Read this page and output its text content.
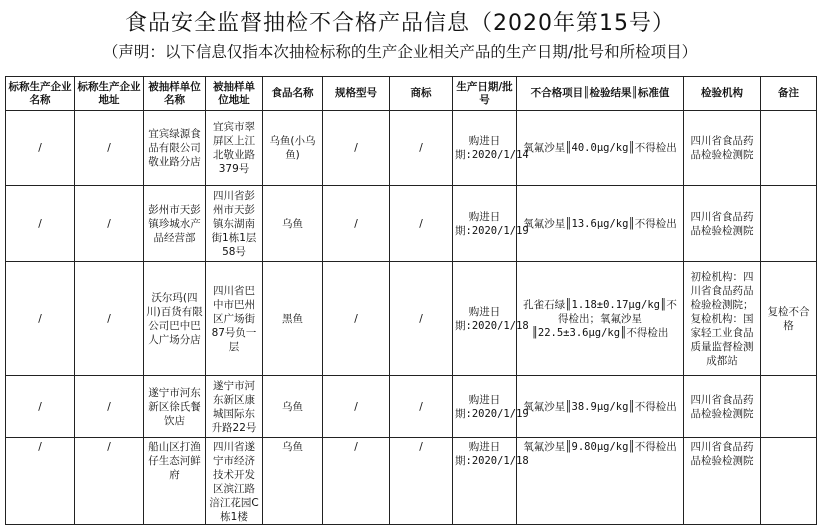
食品安全监督抽检不合格产品信息（2020年第15号）
（声明：以下信息仅指本次抽检标称的生产企业相关产品的生产日期/批号和所检项目）
标称生产企业名称	标称生产企业地址	被抽样单位名称	被抽样单位地址	食品名称	规格型号	商标	生产日期/批号	不合格项目║检验结果║标准值	检验机构	备注
/	/	宜宾绿源食品有限公司敬业路分店	宜宾市翠屏区上江北敬业路379号	乌鱼(小乌鱼)	/	/	购进日期:2020/1/14	氧氟沙星║40.0μg/kg║不得检出	四川省食品药品检验检测院	
/	/	彭州市天彭镇珍城水产品经营部	四川省彭州市天彭镇东湖南街1栋1层58号	乌鱼	/	/	购进日期:2020/1/19	氧氟沙星║13.6μg/kg║不得检出	四川省食品药品检验检测院	
/	/	沃尔玛(四川)百货有限公司巴中巴人广场分店	四川省巴中市巴州区广场街87号负一层	黑鱼	/	/	购进日期:2020/1/18	孔雀石绿║1.18±0.17μg/kg║不得检出；氧氟沙星║22.5±3.6μg/kg║不得检出	初检机构：四川省食品药品检验检测院；复检机构：国家轻工业食品质量监督检测成都站	复检不合格
/	/	遂宁市河东新区徐氏餐饮店	遂宁市河东新区康城国际东升路22号	乌鱼	/	/	购进日期:2020/1/19	氧氟沙星║38.9μg/kg║不得检出	四川省食品药品检验检测院	
/	/	船山区打渔仔生态河鲜府	四川省遂宁市经济技术开发区滨江路涪江花园C栋1楼	乌鱼	/	/	购进日期:2020/1/18	氧氟沙星║9.80μg/kg║不得检出	四川省食品药品检验检测院	
